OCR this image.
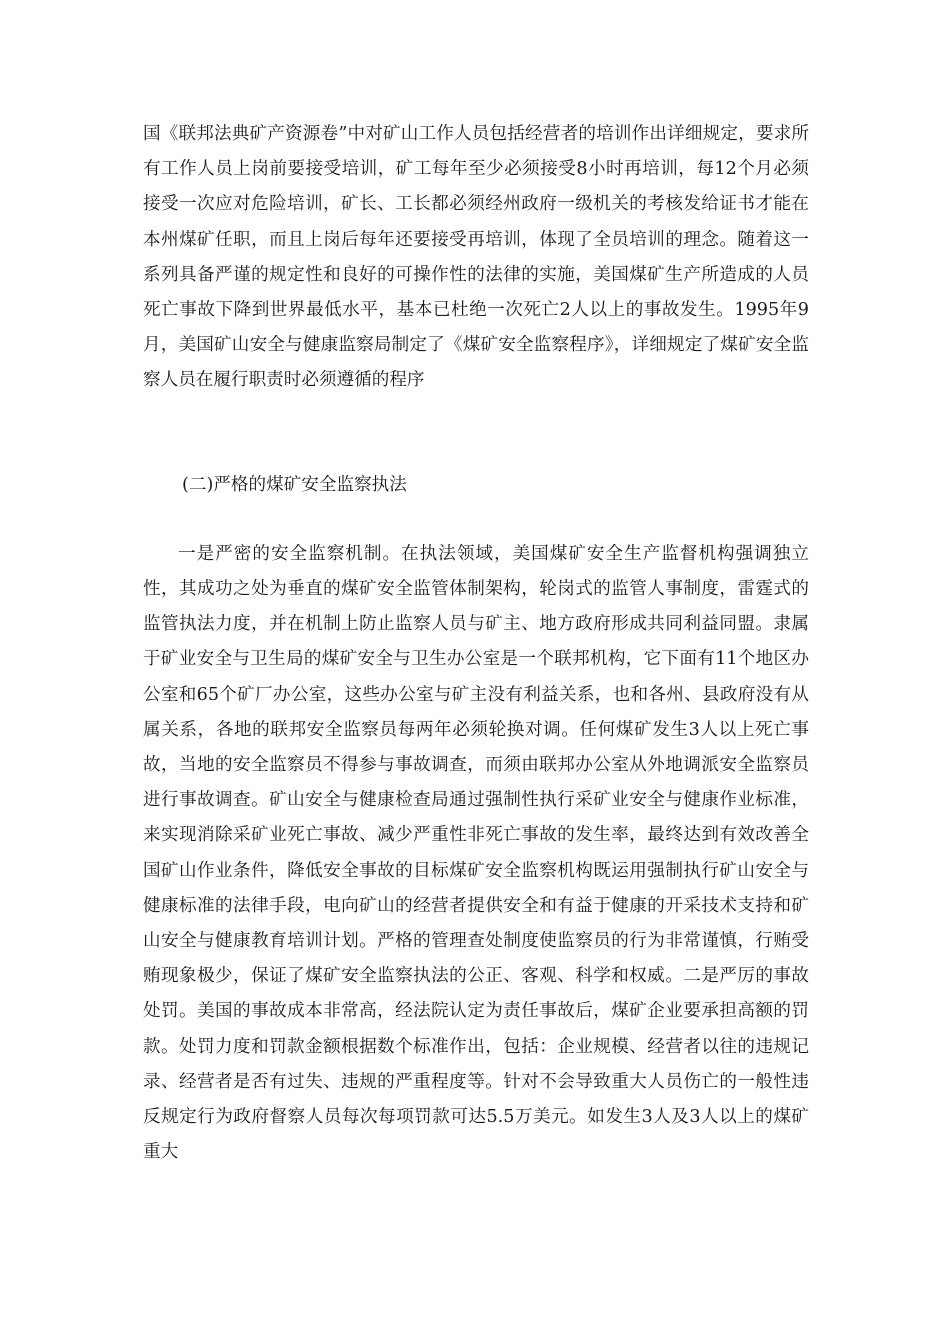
国《联邦法典矿产资源卷”中对矿山工作人员包括经营者的培训作出详细规定，要求所有工作人员上岗前要接受培训，矿工每年至少必须接受8小时再培训，每12个月必须接受一次应对危险培训，矿长、工长都必须经州政府一级机关的考核发给证书才能在本州煤矿任职，而且上岗后每年还要接受再培训，体现了全员培训的理念。随着这一系列具备严谨的规定性和良好的可操作性的法律的实施，美国煤矿生产所造成的人员死亡事故下降到世界最低水平，基本已杜绝一次死亡2人以上的事故发生。1995年9月，美国矿山安全与健康监察局制定了《煤矿安全监察程序》，详细规定了煤矿安全监察人员在履行职责时必须遵循的程序

(二)严格的煤矿安全监察执法

一是严密的安全监察机制。在执法领域，美国煤矿安全生产监督机构强调独立性，其成功之处为垂直的煤矿安全监管体制架构，轮岗式的监管人事制度，雷霆式的监管执法力度，并在机制上防止监察人员与矿主、地方政府形成共同利益同盟。隶属于矿业安全与卫生局的煤矿安全与卫生办公室是一个联邦机构，它下面有11个地区办公室和65个矿厂办公室，这些办公室与矿主没有利益关系，也和各州、县政府没有从属关系，各地的联邦安全监察员每两年必须轮换对调。任何煤矿发生3人以上死亡事故，当地的安全监察员不得参与事故调查，而须由联邦办公室从外地调派安全监察员进行事故调查。矿山安全与健康检查局通过强制性执行采矿业安全与健康作业标准，来实现消除采矿业死亡事故、减少严重性非死亡事故的发生率，最终达到有效改善全国矿山作业条件，降低安全事故的目标煤矿安全监察机构既运用强制执行矿山安全与健康标准的法律手段，电向矿山的经营者提供安全和有益于健康的开采技术支持和矿山安全与健康教育培训计划。严格的管理查处制度使监察员的行为非常谨慎，行贿受贿现象极少，保证了煤矿安全监察执法的公正、客观、科学和权威。二是严厉的事故处罚。美国的事故成本非常高，经法院认定为责任事故后，煤矿企业要承担高额的罚款。处罚力度和罚款金额根据数个标准作出，包括：企业规模、经营者以往的违规记录、经营者是否有过失、违规的严重程度等。针对不会导致重大人员伤亡的一般性违反规定行为政府督察人员每次每项罚款可达5.5万美元。如发生3人及3人以上的煤矿重大
